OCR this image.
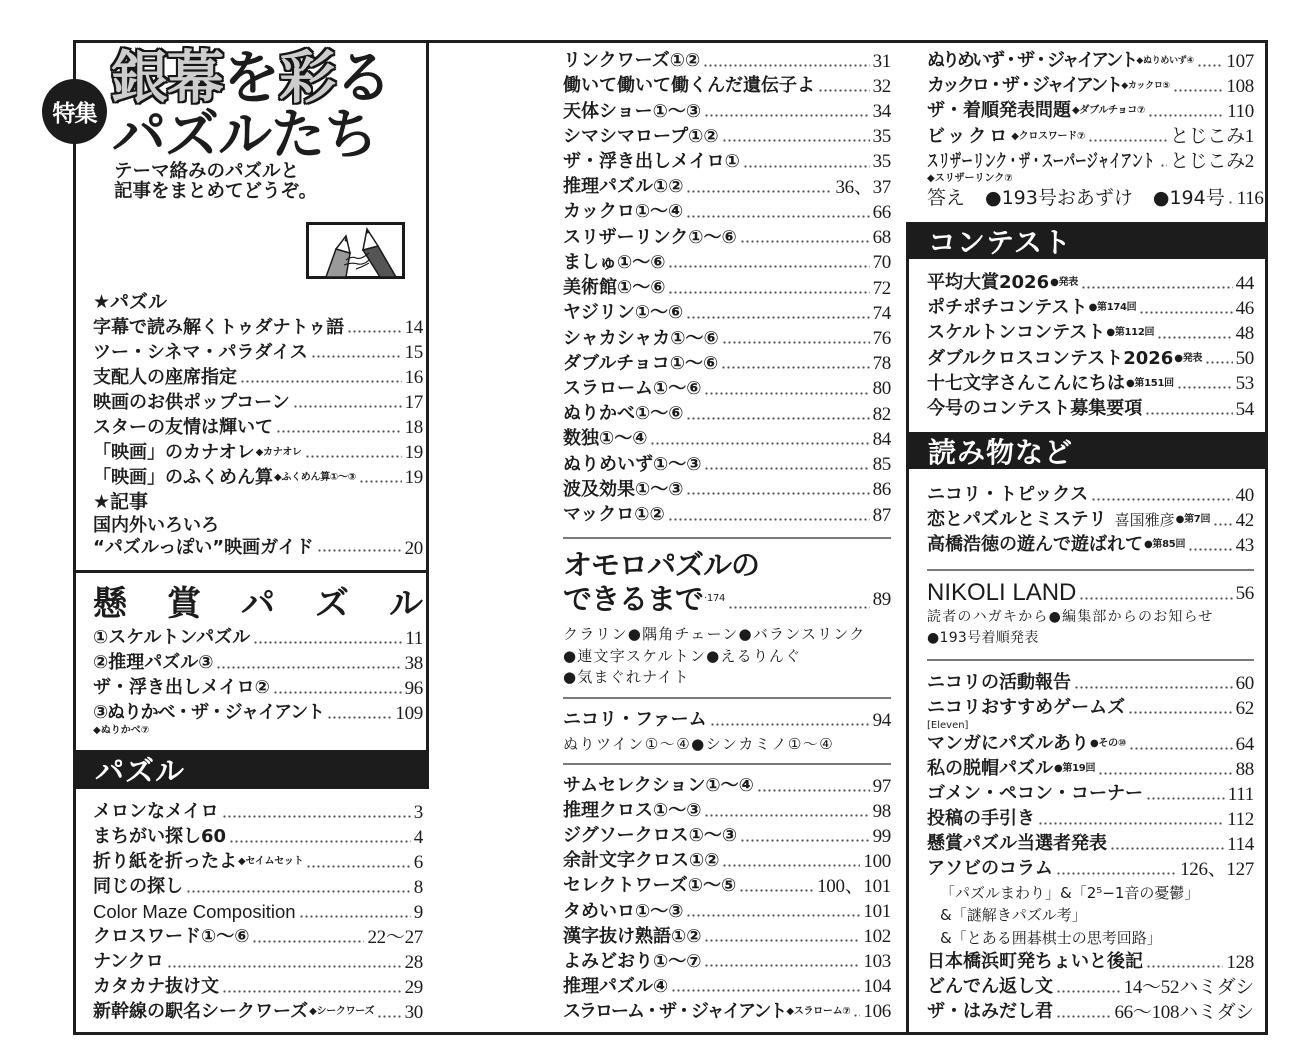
特集
銀幕を彩る
パズルたち
テーマ絡みのパズルと
記事をまとめてどうぞ。
★パズル
字幕で読み解くトゥダナトゥ語	14
ツー・シネマ・パラダイス	15
支配人の座席指定	16
映画のお供ポップコーン	17
スターの友情は輝いて	18
「映画」のカナオレ ◆カナオレ	19
「映画」のふくめん算 ◆ふくめん算①〜③	19
★記事
国内外いろいろ
“パズルっぽい”映画ガイド	20
懸賞パズル
①スケルトンパズル	11
②推理パズル③	38
ザ・浮き出しメイロ②	96
③ぬりかべ・ザ・ジャイアント	109
◆ぬりかべ⑦
パズル
メロンなメイロ	3
まちがい探し60	4
折り紙を折ったよ ◆セイムセット	6
同じの探し	8
Color Maze Composition	9
クロスワード①〜⑥	22〜27
ナンクロ	28
カタカナ抜け文	29
新幹線の駅名シークワーズ ◆シークワーズ 30
リンクワーズ①②	31
働いて働いて働くんだ遺伝子よ	32
天体ショー①〜③	34
シマシマロープ①②	35
ザ・浮き出しメイロ①	35
推理パズル①②	36、37
カックロ①〜④	66
スリザーリンク①〜⑥	68
ましゅ①〜⑥	70
美術館①〜⑥	72
ヤジリン①〜⑥	74
シャカシャカ①〜⑥	76
ダブルチョコ①〜⑥	78
スラローム①〜⑥	80
ぬりかべ①〜⑥	82
数独①〜④	84
ぬりめいず①〜③	85
波及効果①〜③	86
マックロ①②	87
オモロパズルの
できるまで ·174	89
クラリン●隅角チェーン●バランスリンク
●連文字スケルトン●えるりんぐ
●気まぐれナイト
ニコリ・ファーム	94
ぬりツイン①〜④●シンカミノ①〜④
サムセレクション①〜④	97
推理クロス①〜③	98
ジグソークロス①〜③	99
余計文字クロス①②	100
セレクトワーズ①〜⑤	100、101
タめいロ①〜③	101
漢字抜け熟語①②	102
よみどおり①〜⑦	103
推理パズル④	104
スラローム・ザ・ジャイアント ◆スラローム⑦ 106
ぬりめいず・ザ・ジャイアント ◆ぬりめいず④ 107
カックロ・ザ・ジャイアント ◆カックロ⑤	108
ザ・着順発表問題 ◆ダブルチョコ⑦	110
ビックロ ◆クロスワード⑦	とじこみ1
スリザーリンク・ザ・スーパージャイアント とじこみ2
◆スリザーリンク⑦
答え ●193号おあずけ ●194号 116
コンテスト
平均大賞2026 ●発表	44
ポチポチコンテスト ●第174回	46
スケルトンコンテスト ●第112回	48
ダブルクロスコンテスト2026 ●発表 50
十七文字さんこんにちは ●第151回	53
今号のコンテスト募集要項	54
読み物など
ニコリ・トピックス	40
恋とパズルとミステリ 喜国雅彦 ●第7回 42
高橋浩徳の遊んで遊ばれて ●第85回	43
NIKOLI LAND	56
読者のハガキから●編集部からのお知らせ
●193号着順発表
ニコリの活動報告	60
ニコリおすすめゲームズ	62
[Eleven]
マンガにパズルあり ●その⑩	64
私の脱帽パズル ●第19回	88
ゴメン・ペコン・コーナー	111
投稿の手引き	112
懸賞パズル当選者発表	114
アソビのコラム	126、127
「パズルまわり」&「2⁵−1音の憂鬱」
&「謎解きパズル考」
&「とある囲碁棋士の思考回路」
日本橋浜町発ちょいと後記	128
どんでん返し文	14〜52ハミダシ
ザ・はみだし君	66〜108ハミダシ
